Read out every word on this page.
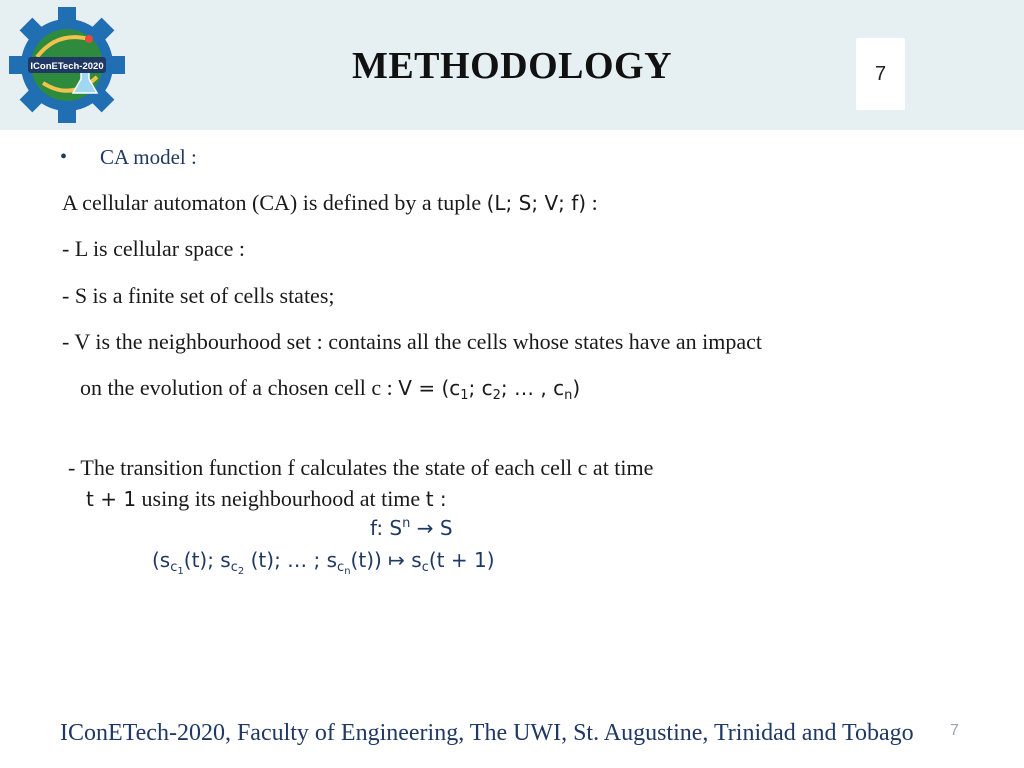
IConETech-2020	METHODOLOGY	7
• CA model :
A cellular automaton (CA) is defined by a tuple (L; S; V; f) :
- L is cellular space :
- S is a finite set of cells states;
- V is the neighbourhood set : contains all the cells whose states have an impact
on the evolution of a chosen cell c : $V = (c_1$; $c_2$; … , $c_n$)
- The transition function f calculates the state of each cell c at time
t + 1 using its neighbourhood at time t :
f: $S^n \to S$
($s_{c_1}(t)$; $s_{c_2}$ (t); … ; $s_{c_n}(t)$) ↦ $s_c(t + 1)$
IConETech-2020, Faculty of Engineering, The UWI, St. Augustine, Trinidad and Tobago 7
